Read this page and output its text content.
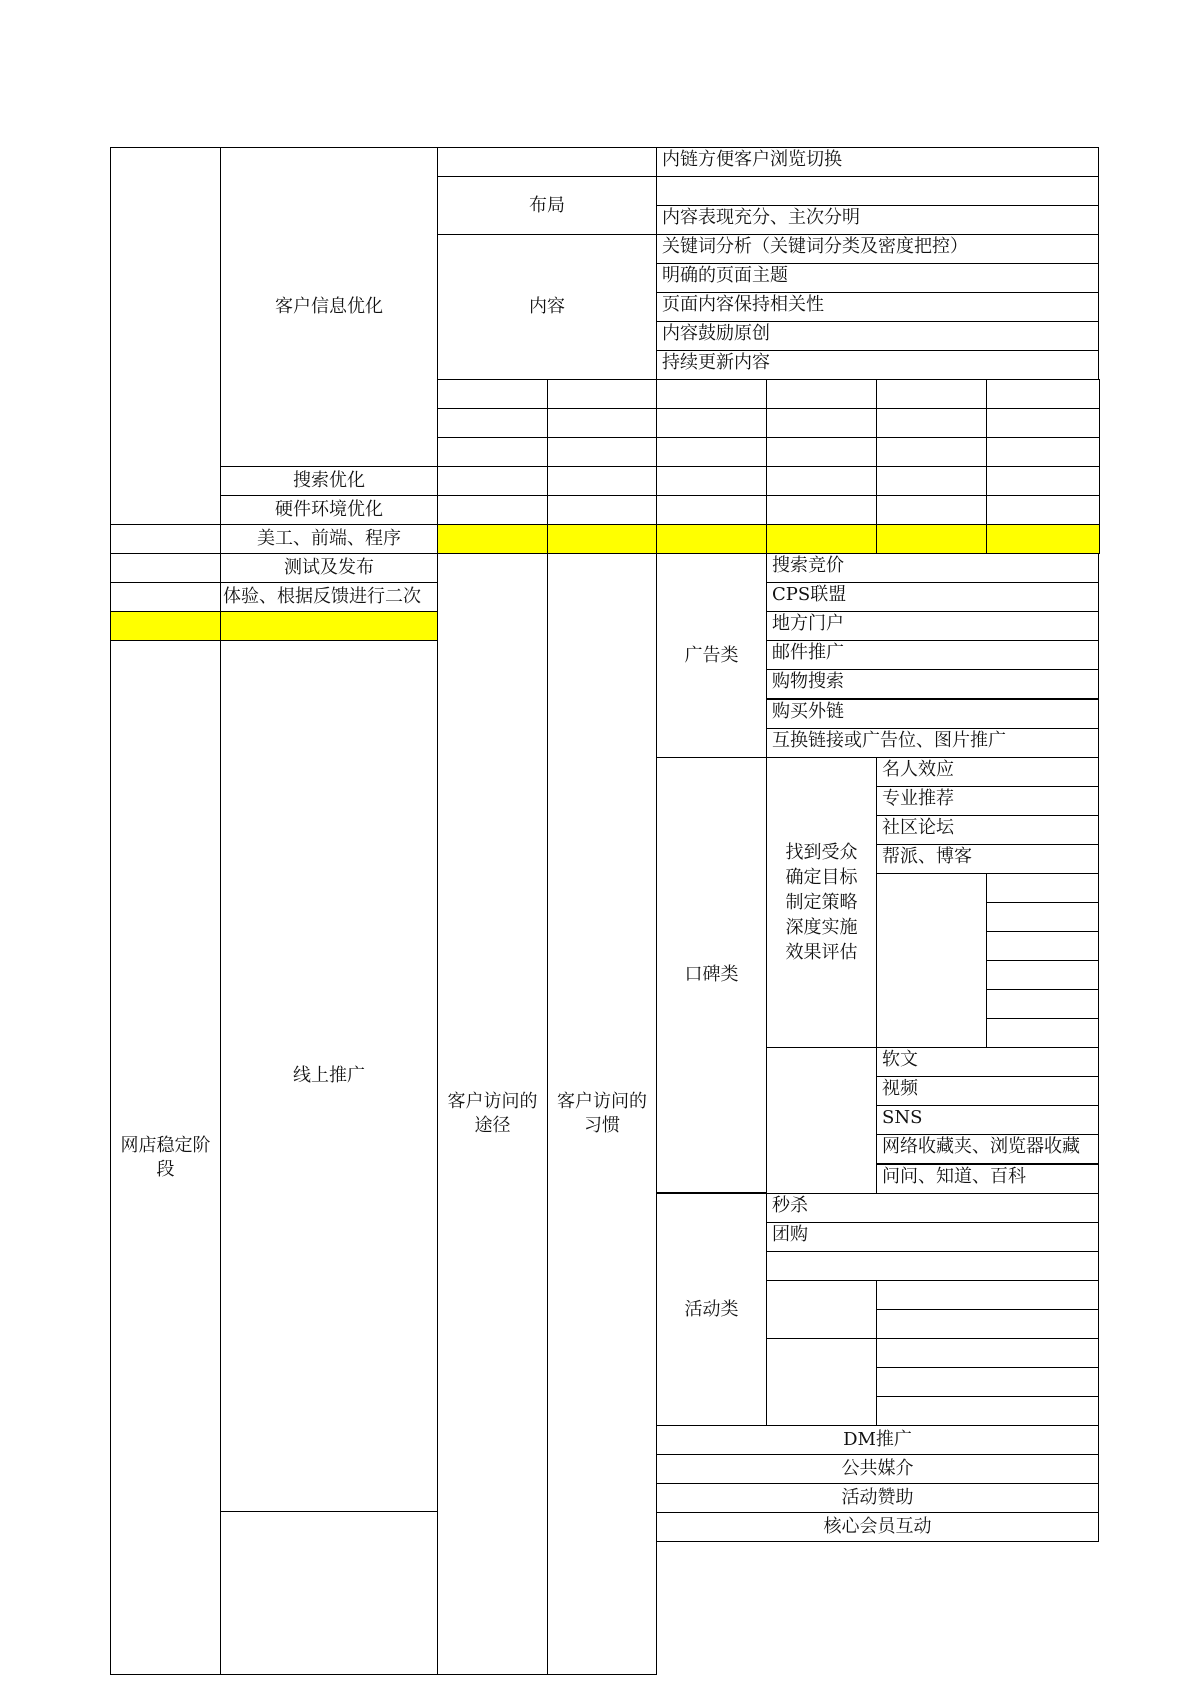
网店稳定阶
段
客户信息优化
搜索优化
硬件环境优化
美工、前端、程序
测试及发布
体验、根据反馈进行二次
线上推广
布局
内容
内链方便客户浏览切换
内容表现充分、主次分明
关键词分析（关键词分类及密度把控）
明确的页面主题
页面内容保持相关性
内容鼓励原创
持续更新内容
客户访问的
途径
客户访问的
习惯
广告类
搜索竞价
CPS联盟
地方门户
邮件推广
购物搜索
购买外链
互换链接或广告位、图片推广
口碑类
找到受众
确定目标
制定策略
深度实施
效果评估
名人效应
专业推荐
社区论坛
帮派、博客
软文
视频
SNS
网络收藏夹、浏览器收藏
问问、知道、百科
活动类
秒杀
团购
DM推广
公共媒介
活动赞助
核心会员互动
